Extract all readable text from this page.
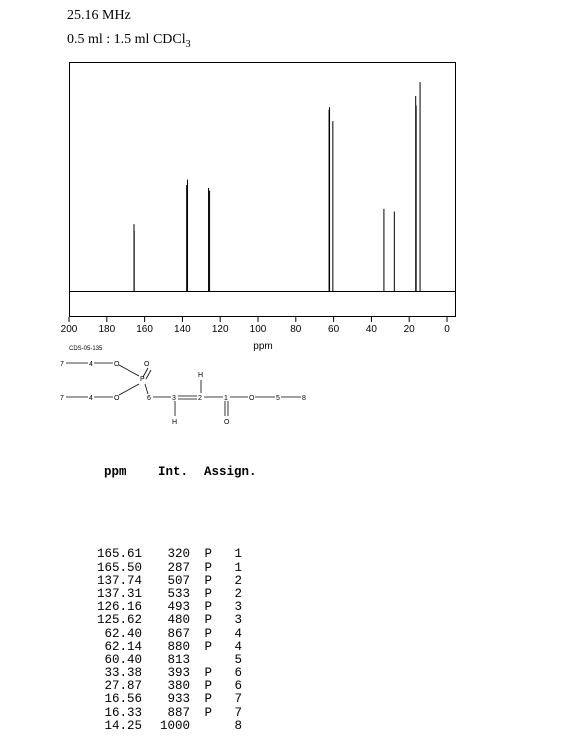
25.16 MHz
0.5 ml : 1.5 ml CDCl$_3$
200 180 160 140 120 100 80	60	40	20	0
ppm
CDS-05-135
7	4	O
P
O
7	4	O	6	3
H
2
H
1
O
O	5	8

ppm	Int. Assign.

165.61 320 P 1
165.50 287 P 1
137.74 507 P 2
137.31 533 P 2
126.16 493 P 3
125.62 480 P 3
62.40 867 P 4
62.14 880 P 4
60.40 813	5
33.38 393 P 6
27.87 380 P 6
16.56 933 P 7
16.33 887 P 7
14.25 1000	8
